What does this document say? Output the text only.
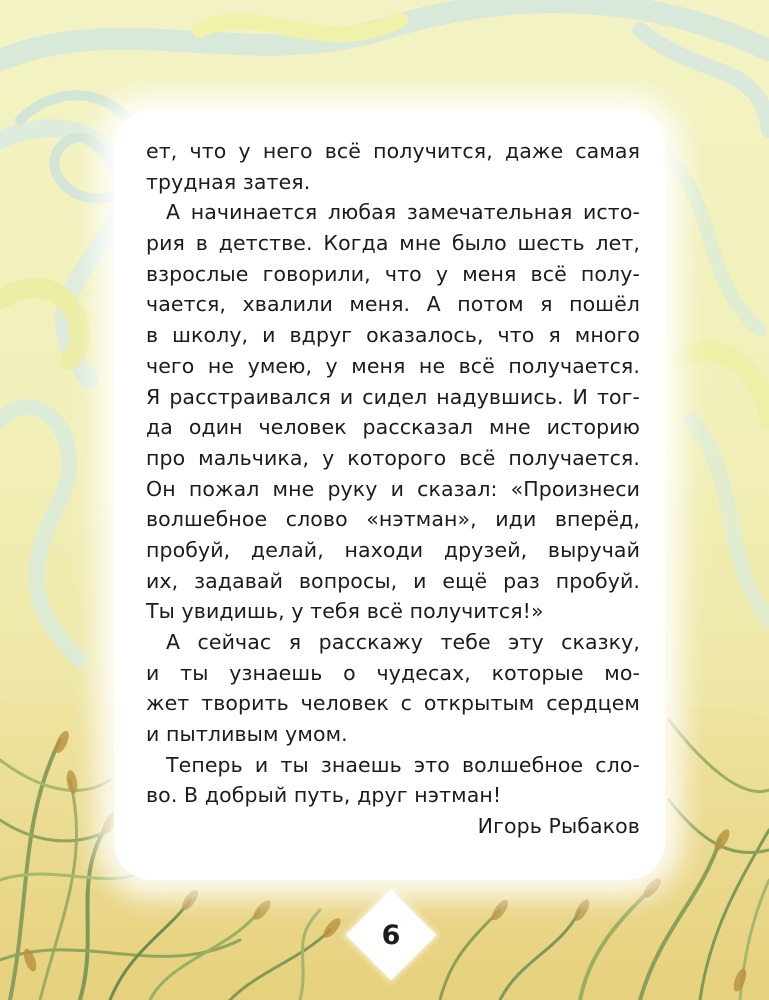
ет, что у него всё получится, даже самая
трудная затея.
А начинается любая замечательная исто-
рия в детстве. Когда мне было шесть лет,
взрослые говорили, что у меня всё полу-
чается, хвалили меня. А потом я пошёл
в школу, и вдруг оказалось, что я много
чего не умею, у меня не всё получается.
Я расстраивался и сидел надувшись. И тог-
да один человек рассказал мне историю
про мальчика, у которого всё получается.
Он пожал мне руку и сказал: «Произнеси
волшебное слово «нэтман», иди вперёд,
пробуй, делай, находи друзей, выручай
их, задавай вопросы, и ещё раз пробуй.
Ты увидишь, у тебя всё получится!»
А сейчас я расскажу тебе эту сказку,
и ты узнаешь о чудесах, которые мо-
жет творить человек с открытым сердцем
и пытливым умом.
Теперь и ты знаешь это волшебное сло-
во. В добрый путь, друг нэтман!
Игорь Рыбаков
6
